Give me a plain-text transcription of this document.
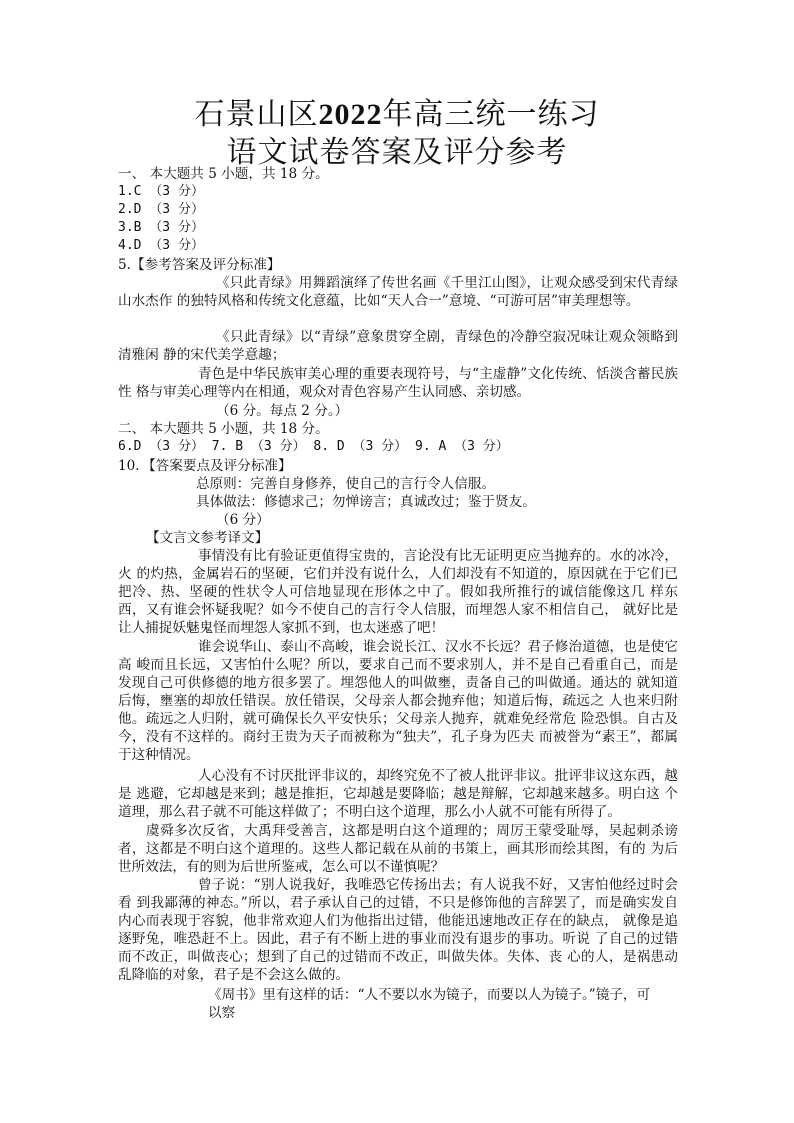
石景山区2022年高三统一练习
语文试卷答案及评分参考
一、 本大题共 5 小题，共 18 分。
1.C （3 分）
2.D （3 分）
3.B （3 分）
4.D （3 分）
5.【参考答案及评分标准】
《只此青绿》用舞蹈演绎了传世名画《千里江山图》，让观众感受到宋代青绿山水杰作 的独特风格和传统文化意蕴，比如“天人合一”意境、“可游可居”审美理想等。
《只此青绿》以“青绿”意象贯穿全剧，青绿色的冷静空寂况味让观众领略到清雅闲 静的宋代美学意趣；
青色是中华民族审美心理的重要表现符号，与“主虚静”文化传统、恬淡含蓄民族性 格与审美心理等内在相通，观众对青色容易产生认同感、亲切感。
（6 分。每点 2 分。）
二、 本大题共 5 小题，共 18 分。
6.D （3 分） 7. B （3 分） 8. D （3 分） 9. A （3 分）
10．【答案要点及评分标准】
总原则：完善自身修养，使自己的言行令人信服。
具体做法：修德求己；勿惮谤言；真诚改过；鉴于贤友。
（6 分）
【文言文参考译文】
事情没有比有验证更值得宝贵的，言论没有比无证明更应当抛弃的。水的冰冷，火 的灼热，金属岩石的坚硬，它们并没有说什么，人们却没有不知道的，原因就在于它们已把冷、热、坚硬的性状令人可信地显现在形体之中了。假如我所推行的诚信能像这几 样东西，又有谁会怀疑我呢？如今不使自己的言行令人信服，而埋怨人家不相信自己， 就好比是让人捕捉妖魅鬼怪而埋怨人家抓不到，也太迷惑了吧！
谁会说华山、泰山不高峻，谁会说长江、汉水不长远？君子修治道德，也是使它高 峻而且长远，又害怕什么呢？所以，要求自己而不要求别人，并不是自己看重自己，而是发现自己可供修德的地方很多罢了。埋怨他人的叫做壅，责备自己的叫做通。通达的 就知道后悔，壅塞的却放任错误。放任错误，父母亲人都会抛弃他；知道后悔，疏远之 人也来归附他。疏远之人归附，就可确保长久平安快乐；父母亲人抛弃，就难免经常危 险恐惧。自古及今，没有不这样的。商纣王贵为天子而被称为“独夫”，孔子身为匹夫 而被誉为“素王”，都属于这种情况。
人心没有不讨厌批评非议的，却终究免不了被人批评非议。批评非议这东西，越是 逃避，它却越是来到；越是推拒，它却越是要降临；越是辩解，它却越来越多。明白这 个道理，那么君子就不可能这样做了；不明白这个道理，那么小人就不可能有所得了。
虞舜多次反省，大禹拜受善言，这都是明白这个道理的；周厉王蒙受耻辱，吴起刺杀谤者，这都是不明白这个道理的。这些人都记载在从前的书策上，画其形而绘其图，有的 为后世所效法，有的则为后世所鉴戒，怎么可以不谨慎呢？
曾子说：“别人说我好，我唯恐它传扬出去；有人说我不好，又害怕他经过时会看 到我鄙薄的神态。”所以，君子承认自己的过错，不只是修饰他的言辞罢了，而是确实发自内心而表现于容貌，他非常欢迎人们为他指出过错，他能迅速地改正存在的缺点， 就像是追逐野兔，唯恐赶不上。因此，君子有不断上进的事业而没有退步的事功。听说 了自己的过错而不改正，叫做丧心；想到了自己的过错而不改正，叫做失体。失体、丧 心的人，是祸患动乱降临的对象，君子是不会这么做的。
《周书》里有这样的话：“人不要以水为镜子，而要以人为镜子。”镜子，可
以察
